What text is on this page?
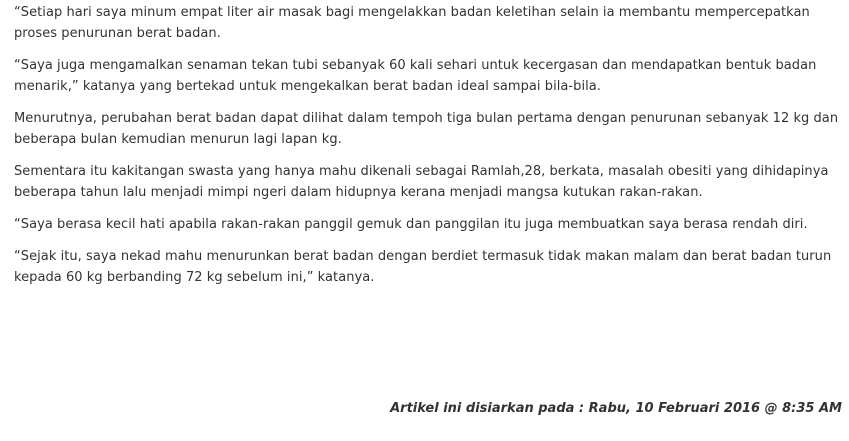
“Setiap hari saya minum empat liter air masak bagi mengelakkan badan keletihan selain ia membantu mempercepatkan proses penurunan berat badan.

“Saya juga mengamalkan senaman tekan tubi sebanyak 60 kali sehari untuk kecergasan dan mendapatkan bentuk badan menarik,” katanya yang bertekad untuk mengekalkan berat badan ideal sampai bila-bila.

Menurutnya, perubahan berat badan dapat dilihat dalam tempoh tiga bulan pertama dengan penurunan sebanyak 12 kg dan beberapa bulan kemudian menurun lagi lapan kg.

Sementara itu kakitangan swasta yang hanya mahu dikenali sebagai Ramlah,28, berkata, masalah obesiti yang dihidapinya beberapa tahun lalu menjadi mimpi ngeri dalam hidupnya kerana menjadi mangsa kutukan rakan-rakan.

“Saya berasa kecil hati apabila rakan-rakan panggil gemuk dan panggilan itu juga membuatkan saya berasa rendah diri.

“Sejak itu, saya nekad mahu menurunkan berat badan dengan berdiet termasuk tidak makan malam dan berat badan turun kepada 60 kg berbanding 72 kg sebelum ini,” katanya.

Artikel ini disiarkan pada : Rabu, 10 Februari 2016 @ 8:35 AM
